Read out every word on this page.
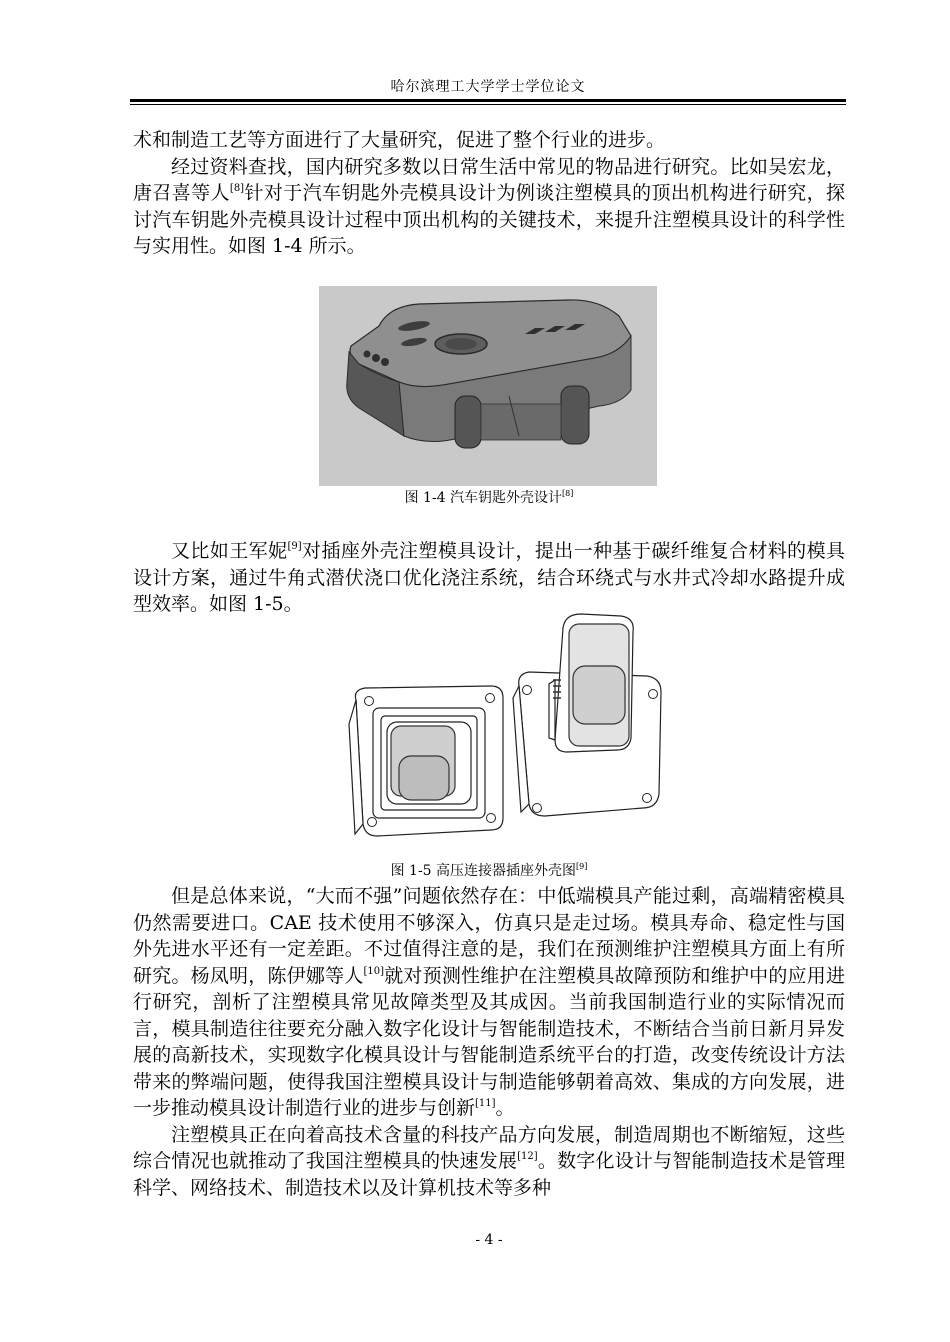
哈尔滨理工大学学士学位论文

术和制造工艺等方面进行了大量研究，促进了整个行业的进步。

经过资料查找，国内研究多数以日常生活中常见的物品进行研究。比如吴宏龙，唐召喜等人[8]针对于汽车钥匙外壳模具设计为例谈注塑模具的顶出机构进行研究，探讨汽车钥匙外壳模具设计过程中顶出机构的关键技术，来提升注塑模具设计的科学性与实用性。如图 1-4 所示。

图 1-4 汽车钥匙外壳设计[8]

又比如王军妮[9]对插座外壳注塑模具设计，提出一种基于碳纤维复合材料的模具设计方案，通过牛角式潜伏浇口优化浇注系统，结合环绕式与水井式冷却水路提升成型效率。如图 1-5。

图 1-5 高压连接器插座外壳图[9]

但是总体来说，“大而不强”问题依然存在：中低端模具产能过剩，高端精密模具仍然需要进口。CAE 技术使用不够深入，仿真只是走过场。模具寿命、稳定性与国外先进水平还有一定差距。不过值得注意的是，我们在预测维护注塑模具方面上有所研究。杨凤明，陈伊娜等人[10]就对预测性维护在注塑模具故障预防和维护中的应用进行研究，剖析了注塑模具常见故障类型及其成因。当前我国制造行业的实际情况而言，模具制造往往要充分融入数字化设计与智能制造技术，不断结合当前日新月异发展的高新技术，实现数字化模具设计与智能制造系统平台的打造，改变传统设计方法带来的弊端问题，使得我国注塑模具设计与制造能够朝着高效、集成的方向发展，进一步推动模具设计制造行业的进步与创新[11]。

注塑模具正在向着高技术含量的科技产品方向发展，制造周期也不断缩短，这些综合情况也就推动了我国注塑模具的快速发展[12]。数字化设计与智能制造技术是管理科学、网络技术、制造技术以及计算机技术等多种

- 4 -
